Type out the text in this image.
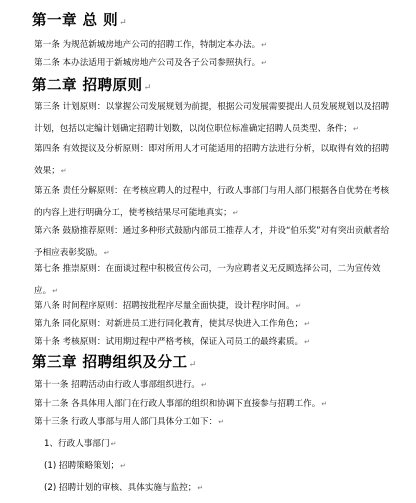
第一章 总 则↵
第一条 为规范新城房地产公司的招聘工作，特制定本办法。↵
第二条 本办法适用于新城房地产公司及各子公司参照执行。↵
第二章 招聘原则↵
第三条 计划原则：以掌握公司发展规划为前提，根据公司发展需要提出人员发展规划以及招聘计划，包括以定编计划确定招聘计划数，以岗位职位标准确定招聘人员类型、条件；↵
第四条 有效提议及分析原则：即对所用人才可能适用的招聘方法进行分析，以取得有效的招聘效果；↵
第五条 责任分解原则：在考核应聘人的过程中，行政人事部门与用人部门根据各自优势在考核的内容上进行明确分工，使考核结果尽可能地真实；↵
第六条 鼓励推荐原则：通过多种形式鼓励内部员工推荐人才，并设“伯乐奖”对有突出贡献者给予相应表彰奖励。↵
第七条 推崇原则：在面谈过程中积极宣传公司，一为应聘者义无反顾选择公司，二为宣传效应。↵
第八条 时间程序原则：招聘按批程序尽量全面快捷，设计程序时间。↵
第九条 同化原则：对新进员工进行同化教育，使其尽快进入工作角色；↵
第十条 考核原则：试用期过程中严格考核，保证入司员工的最终素质。↵
第三章 招聘组织及分工↵
第十一条 招聘活动由行政人事部组织进行。↵
第十二条 各具体用人部门在行政人事部的组织和协调下直接参与招聘工作。↵
第十三条 行政人事部与用人部门具体分工如下：↵
1、行政人事部门↵
(1) 招聘策略策划；↵
(2) 招聘计划的审核、具体实施与监控；↵
